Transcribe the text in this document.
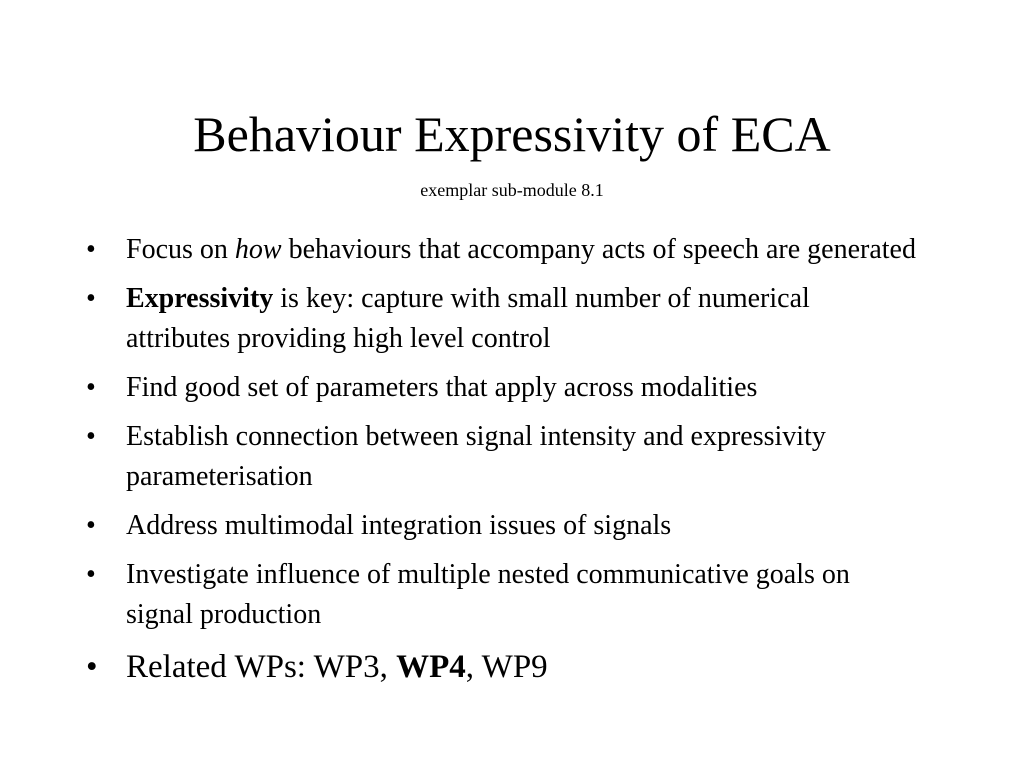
Behaviour Expressivity of ECA

exemplar sub-module 8.1

• Focus on how behaviours that accompany acts of speech are generated
• Expressivity is key: capture with small number of numerical attributes providing high level control
• Find good set of parameters that apply across modalities
• Establish connection between signal intensity and expressivity parameterisation
• Address multimodal integration issues of signals
• Investigate influence of multiple nested communicative goals on signal production
• Related WPs: WP3, WP4, WP9
